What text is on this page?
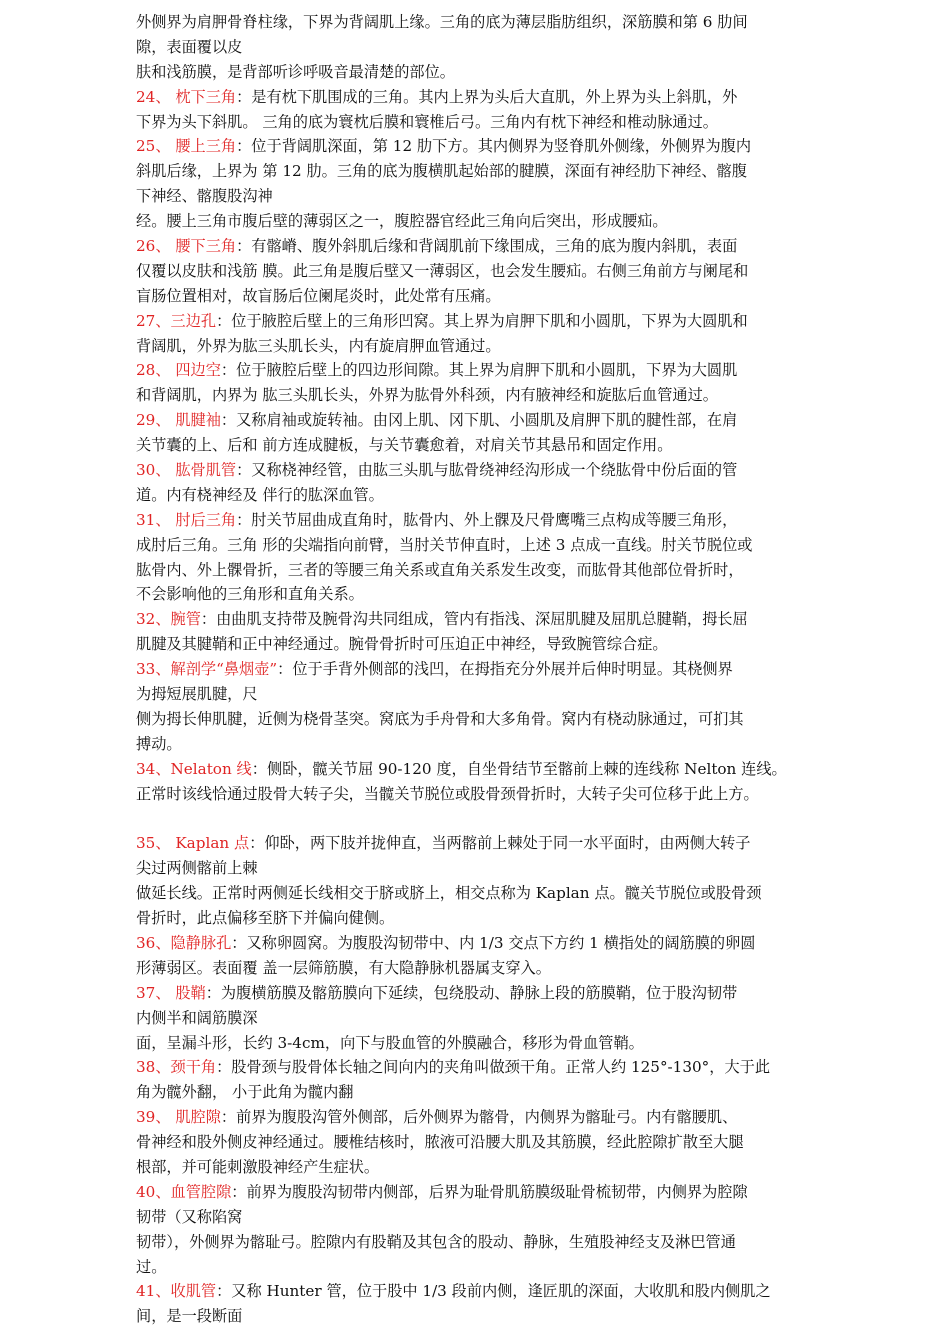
外侧界为肩胛骨脊柱缘，下界为背阔肌上缘。三角的底为薄层脂肪组织，深筋膜和第 6 肋间
隙，表面覆以皮
肤和浅筋膜，是背部听诊呼吸音最清楚的部位。
24、 枕下三角：是有枕下肌围成的三角。其内上界为头后大直肌，外上界为头上斜肌，外
下界为头下斜肌。 三角的底为寰枕后膜和寰椎后弓。三角内有枕下神经和椎动脉通过。
25、 腰上三角：位于背阔肌深面，第 12 肋下方。其内侧界为竖脊肌外侧缘，外侧界为腹内
斜肌后缘，上界为 第 12 肋。三角的底为腹横肌起始部的腱膜，深面有神经肋下神经、髂腹
下神经、髂腹股沟神
经。腰上三角市腹后壁的薄弱区之一，腹腔器官经此三角向后突出，形成腰疝。
26、 腰下三角：有髂嵴、腹外斜肌后缘和背阔肌前下缘围成，三角的底为腹内斜肌，表面
仅覆以皮肤和浅筋 膜。此三角是腹后壁又一薄弱区，也会发生腰疝。右侧三角前方与阑尾和
盲肠位置相对，故盲肠后位阑尾炎时，此处常有压痛。
27、三边孔：位于腋腔后壁上的三角形凹窝。其上界为肩胛下肌和小圆肌，下界为大圆肌和
背阔肌，外界为肱三头肌长头，内有旋肩胛血管通过。
28、 四边空：位于腋腔后壁上的四边形间隙。其上界为肩胛下肌和小圆肌，下界为大圆肌
和背阔肌，内界为 肱三头肌长头，外界为肱骨外科颈，内有腋神经和旋肱后血管通过。
29、 肌腱袖：又称肩袖或旋转袖。由冈上肌、冈下肌、小圆肌及肩胛下肌的腱性部，在肩
关节囊的上、后和 前方连成腱板，与关节囊愈着，对肩关节其悬吊和固定作用。
30、 肱骨肌管：又称桡神经管，由肱三头肌与肱骨绕神经沟形成一个绕肱骨中份后面的管
道。内有桡神经及 伴行的肱深血管。
31、 肘后三角：肘关节屈曲成直角时，肱骨内、外上髁及尺骨鹰嘴三点构成等腰三角形，
成肘后三角。三角 形的尖端指向前臂，当肘关节伸直时，上述 3 点成一直线。肘关节脱位或
肱骨内、外上髁骨折，三者的等腰三角关系或直角关系发生改变，而肱骨其他部位骨折时，
不会影响他的三角形和直角关系。
32、腕管：由曲肌支持带及腕骨沟共同组成，管内有指浅、深屈肌腱及屈肌总腱鞘，拇长屈
肌腱及其腱鞘和正中神经通过。腕骨骨折时可压迫正中神经，导致腕管综合症。
33、解剖学“鼻烟壶”：位于手背外侧部的浅凹，在拇指充分外展并后伸时明显。其桡侧界
为拇短展肌腱，尺
侧为拇长伸肌腱，近侧为桡骨茎突。窝底为手舟骨和大多角骨。窝内有桡动脉通过，可扪其
搏动。
34、Nelaton 线：侧卧，髋关节屈 90-120 度，自坐骨结节至髂前上棘的连线称 Nelton 连线。
正常时该线恰通过股骨大转子尖，当髋关节脱位或股骨颈骨折时，大转子尖可位移于此上方。
35、 Kaplan 点：仰卧，两下肢并拢伸直，当两髂前上棘处于同一水平面时，由两侧大转子
尖过两侧髂前上棘
做延长线。正常时两侧延长线相交于脐或脐上，相交点称为 Kaplan 点。髋关节脱位或股骨颈
骨折时，此点偏移至脐下并偏向健侧。
36、隐静脉孔：又称卵圆窝。为腹股沟韧带中、内 1/3 交点下方约 1 横指处的阔筋膜的卵圆
形薄弱区。表面覆 盖一层筛筋膜，有大隐静脉机器属支穿入。
37、 股鞘：为腹横筋膜及髂筋膜向下延续，包绕股动、静脉上段的筋膜鞘，位于股沟韧带
内侧半和阔筋膜深
面，呈漏斗形，长约 3-4cm，向下与股血管的外膜融合，移形为骨血管鞘。
38、颈干角：股骨颈与股骨体长轴之间向内的夹角叫做颈干角。正常人约 125°-130°，大于此
角为髋外翻， 小于此角为髋内翻
39、 肌腔隙：前界为腹股沟管外侧部，后外侧界为髂骨，内侧界为髂耻弓。内有髂腰肌、
骨神经和股外侧皮神经通过。腰椎结核时，脓液可沿腰大肌及其筋膜，经此腔隙扩散至大腿
根部，并可能刺激股神经产生症状。
40、血管腔隙：前界为腹股沟韧带内侧部，后界为耻骨肌筋膜级耻骨梳韧带，内侧界为腔隙
韧带（又称陷窝
韧带），外侧界为髂耻弓。腔隙内有股鞘及其包含的股动、静脉，生殖股神经支及淋巴管通
过。
41、收肌管：又称 Hunter 管，位于股中 1/3 段前内侧，逢匠肌的深面，大收肌和股内侧肌之
间，是一段断面
